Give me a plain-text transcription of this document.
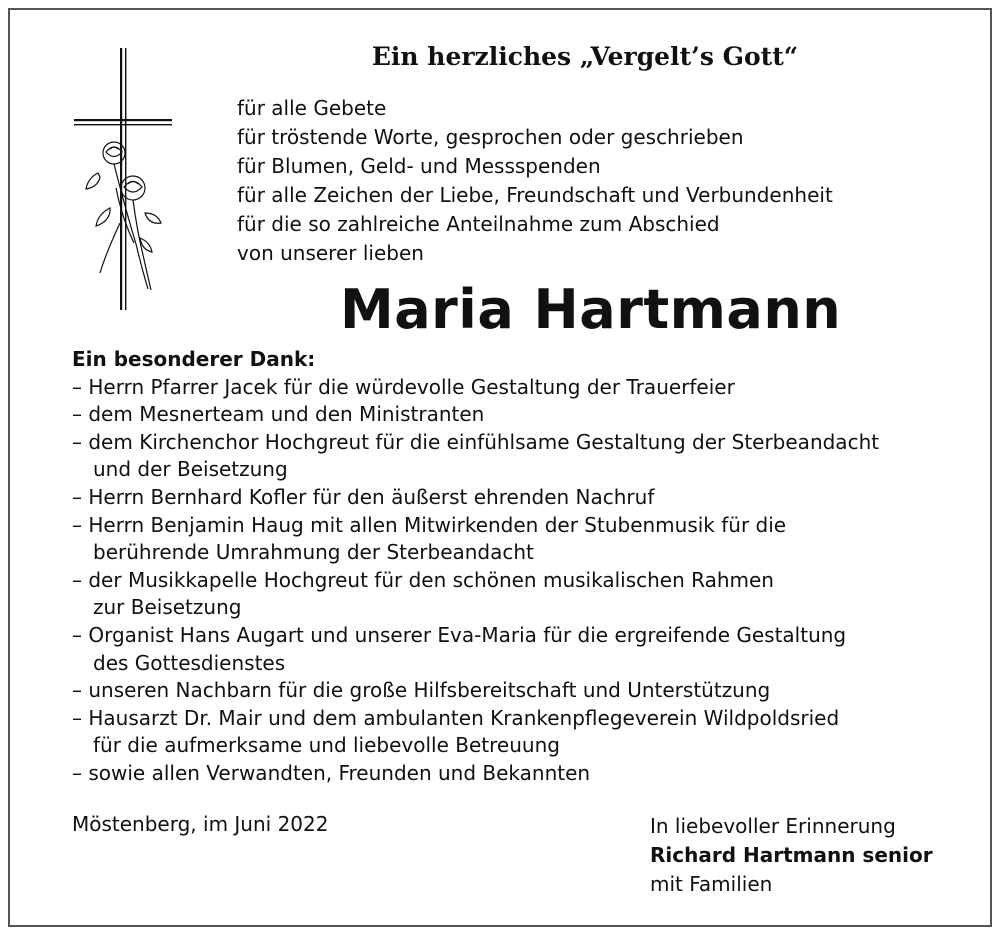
Ein herzliches „Vergelt’s Gott“
für alle Gebete
für tröstende Worte, gesprochen oder geschrieben
für Blumen, Geld- und Messspenden
für alle Zeichen der Liebe, Freundschaft und Verbundenheit
für die so zahlreiche Anteilnahme zum Abschied
von unserer lieben
Maria Hartmann
Ein besonderer Dank:
– Herrn Pfarrer Jacek für die würdevolle Gestaltung der Trauerfeier
– dem Mesnerteam und den Ministranten
– dem Kirchenchor Hochgreut für die einfühlsame Gestaltung der Sterbeandacht
und der Beisetzung
– Herrn Bernhard Kofler für den äußerst ehrenden Nachruf
– Herrn Benjamin Haug mit allen Mitwirkenden der Stubenmusik für die
berührende Umrahmung der Sterbeandacht
– der Musikkapelle Hochgreut für den schönen musikalischen Rahmen
zur Beisetzung
– Organist Hans Augart und unserer Eva-Maria für die ergreifende Gestaltung
des Gottesdienstes
– unseren Nachbarn für die große Hilfsbereitschaft und Unterstützung
– Hausarzt Dr. Mair und dem ambulanten Krankenpflegeverein Wildpoldsried
für die aufmerksame und liebevolle Betreuung
– sowie allen Verwandten, Freunden und Bekannten
Möstenberg, im Juni 2022	In liebevoller Erinnerung
Richard Hartmann senior
mit Familien
